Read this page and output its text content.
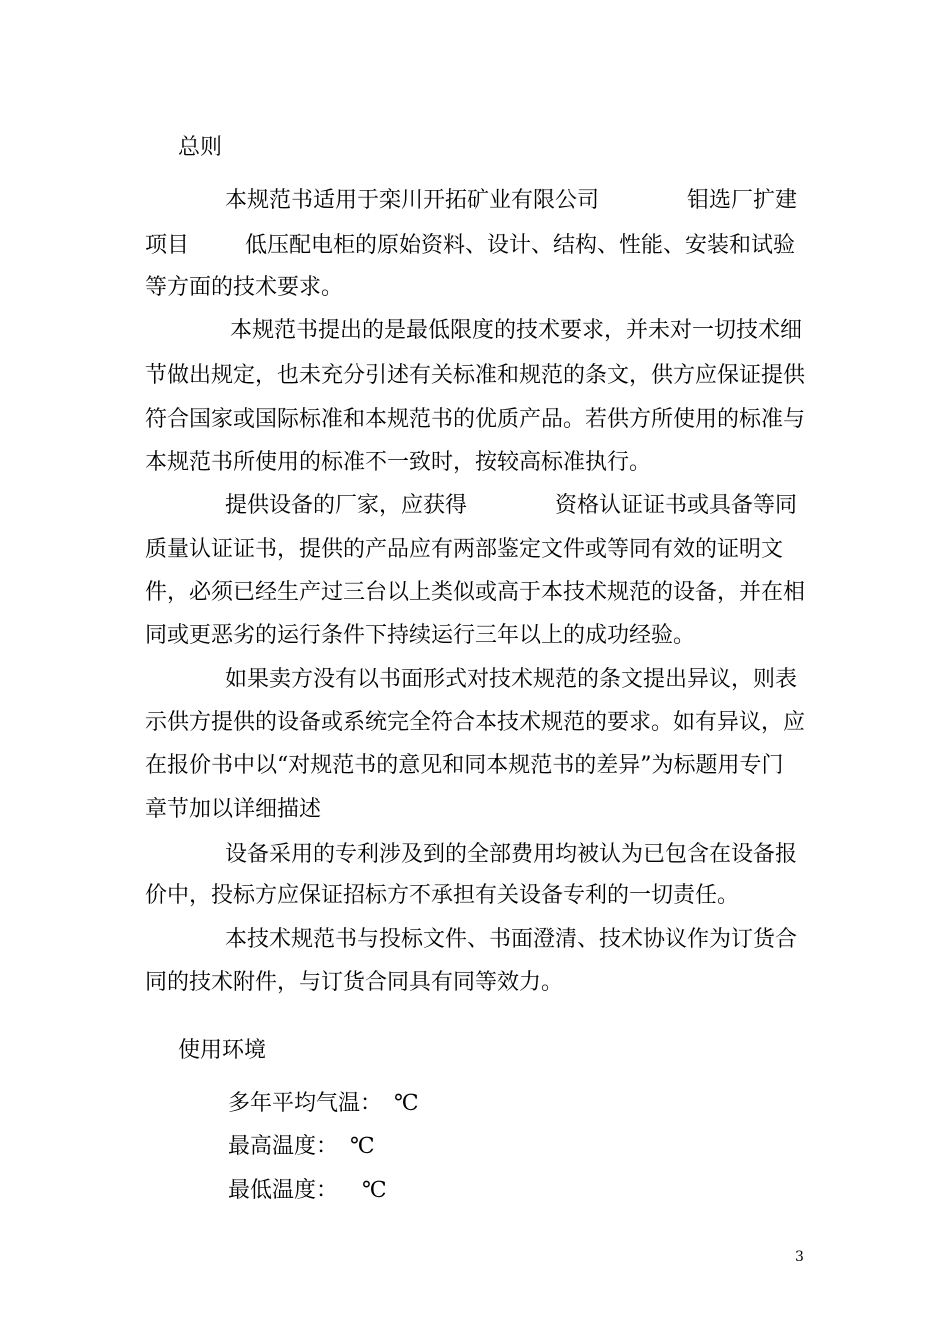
总则
本规范书适用于栾川开拓矿业有限公司	钼选厂扩建
项目	低压配电柜的原始资料、设计、结构、性能、安装和试验
等方面的技术要求。
本规范书提出的是最低限度的技术要求，并未对一切技术细
节做出规定，也未充分引述有关标准和规范的条文，供方应保证提供
符合国家或国际标准和本规范书的优质产品。若供方所使用的标准与
本规范书所使用的标准不一致时，按较高标准执行。
提供设备的厂家，应获得	资格认证证书或具备等同
质量认证证书，提供的产品应有两部鉴定文件或等同有效的证明文
件，必须已经生产过三台以上类似或高于本技术规范的设备，并在相
同或更恶劣的运行条件下持续运行三年以上的成功经验。
如果卖方没有以书面形式对技术规范的条文提出异议，则表
示供方提供的设备或系统完全符合本技术规范的要求。如有异议，应
在报价书中以“对规范书的意见和同本规范书的差异”为标题用专门
章节加以详细描述
设备采用的专利涉及到的全部费用均被认为已包含在设备报
价中，投标方应保证招标方不承担有关设备专利的一切责任。
本技术规范书与投标文件、书面澄清、技术协议作为订货合
同的技术附件，与订货合同具有同等效力。
使用环境
多年平均气温： ℃
最高温度： ℃
最低温度： ℃
3
